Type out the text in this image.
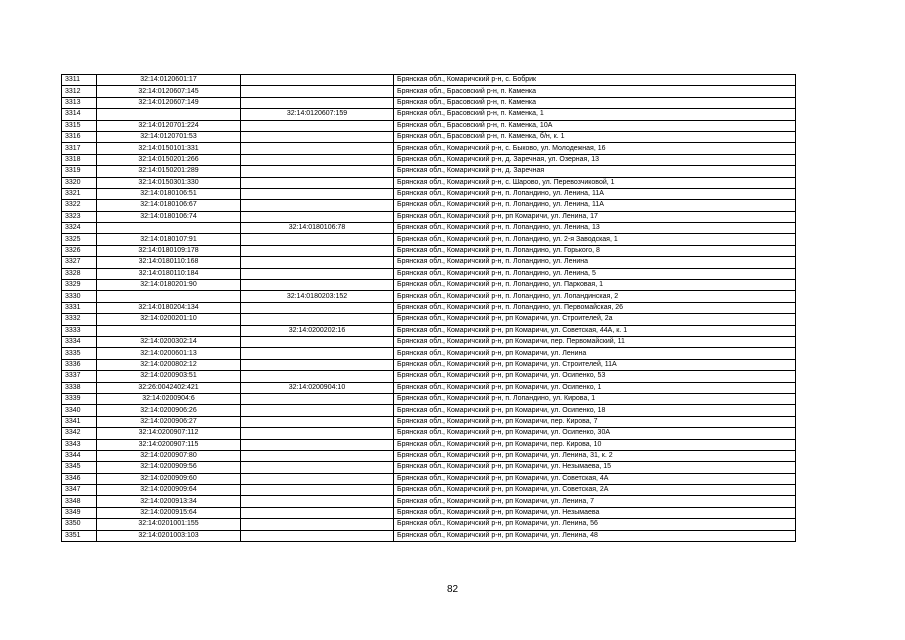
3311	32:14:0120601:17		Брянская обл., Комаричский р-н, с. Бобрик
3312	32:14:0120607:145		Брянская обл., Брасовский р-н, п. Каменка
3313	32:14:0120607:149		Брянская обл., Брасовский р-н, п. Каменка
3314		32:14:0120607:159	Брянская обл., Брасовский р-н, п. Каменка, 1
3315	32:14:0120701:224		Брянская обл., Брасовский р-н, п. Каменка, 10А
3316	32:14:0120701:53		Брянская обл., Брасовский р-н, п. Каменка, б/н, к. 1
3317	32:14:0150101:331		Брянская обл., Комаричский р-н, с. Быково, ул. Молодежная, 16
3318	32:14:0150201:266		Брянская обл., Комаричский р-н, д. Заречная, ул. Озерная, 13
3319	32:14:0150201:289		Брянская обл., Комаричский р-н, д. Заречная
3320	32:14:0150301:330		Брянская обл., Комаричский р-н, с. Шарово, ул. Перевозчиковой, 1
3321	32:14:0180106:51		Брянская обл., Комаричский р-н, п. Лопандино, ул. Ленина, 11А
3322	32:14:0180106:67		Брянская обл., Комаричский р-н, п. Лопандино, ул. Ленина, 11А
3323	32:14:0180106:74		Брянская обл., Комаричский р-н, рп Комаричи, ул. Ленина, 17
3324		32:14:0180106:78	Брянская обл., Комаричский р-н, п. Лопандино, ул. Ленина, 13
3325	32:14:0180107:91		Брянская обл., Комаричский р-н, п. Лопандино, ул. 2-я Заводская, 1
3326	32:14:0180109:178		Брянская обл., Комаричский р-н, п. Лопандино, ул. Горького, 8
3327	32:14:0180110:168		Брянская обл., Комаричский р-н, п. Лопандино, ул. Ленина
3328	32:14:0180110:184		Брянская обл., Комаричский р-н, п. Лопандино, ул. Ленина, 5
3329	32:14:0180201:90		Брянская обл., Комаричский р-н, п. Лопандино, ул. Парковая, 1
3330		32:14:0180203:152	Брянская обл., Комаричский р-н, п. Лопандино, ул. Лопандинская, 2
3331	32:14:0180204:134		Брянская обл., Комаричский р-н, п. Лопандино, ул. Первомайская, 26
3332	32:14:0200201:10		Брянская обл., Комаричский р-н, рп Комаричи, ул. Строителей, 2а
3333		32:14:0200202:16	Брянская обл., Комаричский р-н, рп Комаричи, ул. Советская, 44А, к. 1
3334	32:14:0200302:14		Брянская обл., Комаричский р-н, рп Комаричи, пер. Первомайский, 11
3335	32:14:0200601:13		Брянская обл., Комаричский р-н, рп Комаричи, ул. Ленина
3336	32:14:0200802:12		Брянская обл., Комаричский р-н, рп Комаричи, ул. Строителей, 11А
3337	32:14:0200903:51		Брянская обл., Комаричский р-н, рп Комаричи, ул. Осипенко, 53
3338	32:26:0042402:421	32:14:0200904:10	Брянская обл., Комаричский р-н, рп Комаричи, ул. Осипенко, 1
3339	32:14:0200904:6		Брянская обл., Комаричский р-н, п. Лопандино, ул. Кирова, 1
3340	32:14:0200906:26		Брянская обл., Комаричский р-н, рп Комаричи, ул. Осипенко, 18
3341	32:14:0200906:27		Брянская обл., Комаричский р-н, рп Комаричи, пер. Кирова, 7
3342	32:14:0200907:112		Брянская обл., Комаричский р-н, рп Комаричи, ул. Осипенко, 30А
3343	32:14:0200907:115		Брянская обл., Комаричский р-н, рп Комаричи, пер. Кирова, 10
3344	32:14:0200907:80		Брянская обл., Комаричский р-н, рп Комаричи, ул. Ленина, 31, к. 2
3345	32:14:0200909:56		Брянская обл., Комаричский р-н, рп Комаричи, ул. Незымаева, 15
3346	32:14:0200909:60		Брянская обл., Комаричский р-н, рп Комаричи, ул. Советская, 4А
3347	32:14:0200909:64		Брянская обл., Комаричский р-н, рп Комаричи, ул. Советская, 2А
3348	32:14:0200913:34		Брянская обл., Комаричский р-н, рп Комаричи, ул. Ленина, 7
3349	32:14:0200915:64		Брянская обл., Комаричский р-н, рп Комаричи, ул. Незымаева
3350	32:14:0201001:155		Брянская обл., Комаричский р-н, рп Комаричи, ул. Ленина, 56
3351	32:14:0201003:103		Брянская обл., Комаричский р-н, рп Комаричи, ул. Ленина, 48
82
